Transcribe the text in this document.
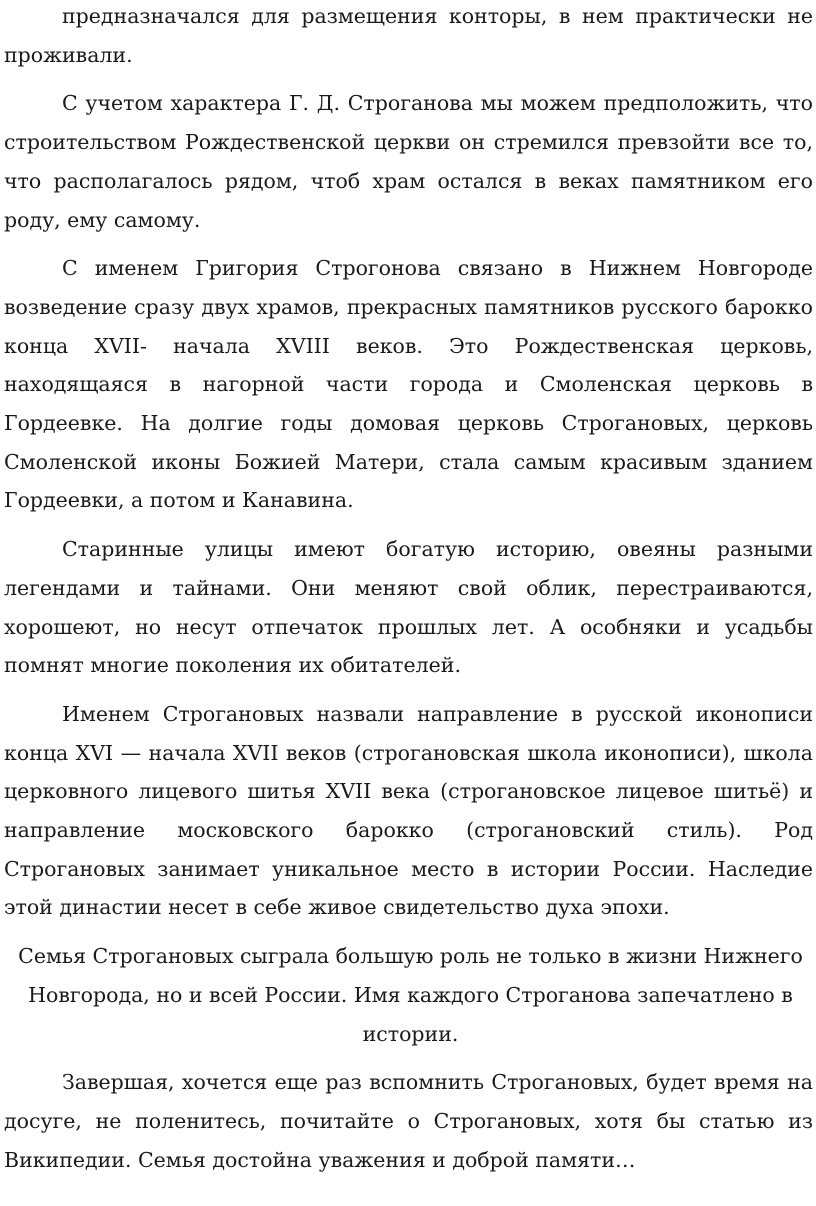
предназначался для размещения конторы, в нем практически не проживали.

С учетом характера Г. Д. Строганова мы можем предположить, что строительством Рождественской церкви он стремился превзойти все то, что располагалось рядом, чтоб храм остался в веках памятником его роду, ему самому.

С именем Григория Строгонова связано в Нижнем Новгороде возведение сразу двух храмов, прекрасных памятников русского барокко конца XVII- начала XVIII веков. Это Рождественская церковь, находящаяся в нагорной части города и Смоленская церковь в Гордеевке. На долгие годы домовая церковь Строгановых, церковь Смоленской иконы Божией Матери, стала самым красивым зданием Гордеевки, а потом и Канавина.

Старинные улицы имеют богатую историю, овеяны разными легендами и тайнами. Они меняют свой облик, перестраиваются, хорошеют, но несут отпечаток прошлых лет. А особняки и усадьбы помнят многие поколения их обитателей.

Именем Строгановых назвали направление в русской иконописи конца XVI — начала XVII веков (строгановская школа иконописи), школа церковного лицевого шитья XVII века (строгановское лицевое шитьё) и направление московского барокко (строгановский стиль). Род Строгановых занимает уникальное место в истории России. Наследие этой династии несет в себе живое свидетельство духа эпохи.

Семья Строгановых сыграла большую роль не только в жизни Нижнего Новгорода, но и всей России. Имя каждого Строганова запечатлено в истории.

Завершая, хочется еще раз вспомнить Строгановых, будет время на досуге, не поленитесь, почитайте о Строгановых, хотя бы статью из Википедии. Семья достойна уважения и доброй памяти…
